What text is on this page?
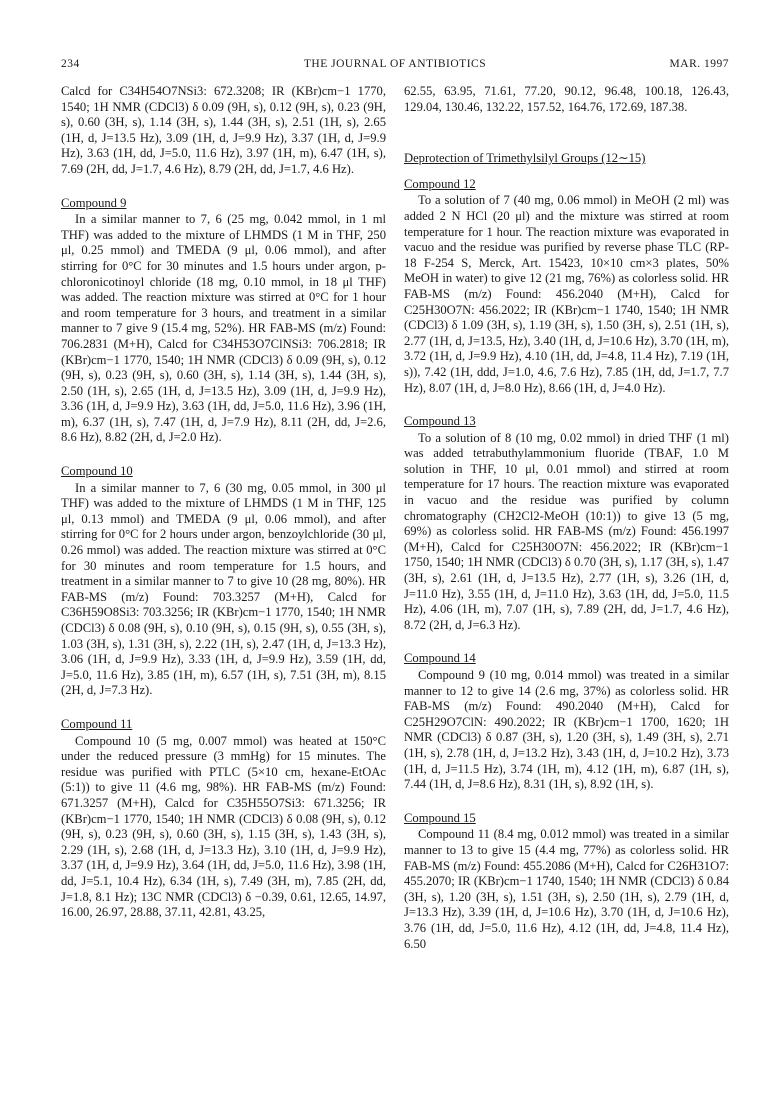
234	THE JOURNAL OF ANTIBIOTICS	MAR. 1997

Calcd for C34H54O7NSi3: 672.3208; IR (KBr)cm−1 1770, 1540; 1H NMR (CDCl3) δ 0.09 (9H, s), 0.12 (9H, s), 0.23 (9H, s), 0.60 (3H, s), 1.14 (3H, s), 1.44 (3H, s), 2.51 (1H, s), 2.65 (1H, d, J=13.5 Hz), 3.09 (1H, d, J=9.9 Hz), 3.37 (1H, d, J=9.9 Hz), 3.63 (1H, dd, J=5.0, 11.6 Hz), 3.97 (1H, m), 6.47 (1H, s), 7.69 (2H, dd, J=1.7, 4.6 Hz), 8.79 (2H, dd, J=1.7, 4.6 Hz).

Compound 9

In a similar manner to 7, 6 (25 mg, 0.042 mmol, in 1 ml THF) was added to the mixture of LHMDS (1 M in THF, 250 μl, 0.25 mmol) and TMEDA (9 μl, 0.06 mmol), and after stirring for 0°C for 30 minutes and 1.5 hours under argon, p-chloronicotinoyl chloride (18 mg, 0.10 mmol, in 18 μl THF) was added. The reaction mixture was stirred at 0°C for 1 hour and room temperature for 3 hours, and treatment in a similar manner to 7 give 9 (15.4 mg, 52%). HR FAB-MS (m/z) Found: 706.2831 (M+H), Calcd for C34H53O7ClNSi3: 706.2818; IR (KBr)cm−1 1770, 1540; 1H NMR (CDCl3) δ 0.09 (9H, s), 0.12 (9H, s), 0.23 (9H, s), 0.60 (3H, s), 1.14 (3H, s), 1.44 (3H, s), 2.50 (1H, s), 2.65 (1H, d, J=13.5 Hz), 3.09 (1H, d, J=9.9 Hz), 3.36 (1H, d, J=9.9 Hz), 3.63 (1H, dd, J=5.0, 11.6 Hz), 3.96 (1H, m), 6.37 (1H, s), 7.47 (1H, d, J=7.9 Hz), 8.11 (2H, dd, J=2.6, 8.6 Hz), 8.82 (2H, d, J=2.0 Hz).

Compound 10

In a similar manner to 7, 6 (30 mg, 0.05 mmol, in 300 μl THF) was added to the mixture of LHMDS (1 M in THF, 125 μl, 0.13 mmol) and TMEDA (9 μl, 0.06 mmol), and after stirring for 0°C for 2 hours under argon, benzoylchloride (30 μl, 0.26 mmol) was added. The reaction mixture was stirred at 0°C for 30 minutes and room temperature for 1.5 hours, and treatment in a similar manner to 7 to give 10 (28 mg, 80%). HR FAB-MS (m/z) Found: 703.3257 (M+H), Calcd for C36H59O8Si3: 703.3256; IR (KBr)cm−1 1770, 1540; 1H NMR (CDCl3) δ 0.08 (9H, s), 0.10 (9H, s), 0.15 (9H, s), 0.55 (3H, s), 1.03 (3H, s), 1.31 (3H, s), 2.22 (1H, s), 2.47 (1H, d, J=13.3 Hz), 3.06 (1H, d, J=9.9 Hz), 3.33 (1H, d, J=9.9 Hz), 3.59 (1H, dd, J=5.0, 11.6 Hz), 3.85 (1H, m), 6.57 (1H, s), 7.51 (3H, m), 8.15 (2H, d, J=7.3 Hz).

Compound 11

Compound 10 (5 mg, 0.007 mmol) was heated at 150°C under the reduced pressure (3 mmHg) for 15 minutes. The residue was purified with PTLC (5×10 cm, hexane-EtOAc (5:1)) to give 11 (4.6 mg, 98%). HR FAB-MS (m/z) Found: 671.3257 (M+H), Calcd for C35H55O7Si3: 671.3256; IR (KBr)cm−1 1770, 1540; 1H NMR (CDCl3) δ 0.08 (9H, s), 0.12 (9H, s), 0.23 (9H, s), 0.60 (3H, s), 1.15 (3H, s), 1.43 (3H, s), 2.29 (1H, s), 2.68 (1H, d, J=13.3 Hz), 3.10 (1H, d, J=9.9 Hz), 3.37 (1H, d, J=9.9 Hz), 3.64 (1H, dd, J=5.0, 11.6 Hz), 3.98 (1H, dd, J=5.1, 10.4 Hz), 6.34 (1H, s), 7.49 (3H, m), 7.85 (2H, dd, J=1.8, 8.1 Hz); 13C NMR (CDCl3) δ −0.39, 0.61, 12.65, 14.97, 16.00, 26.97, 28.88, 37.11, 42.81, 43.25,

62.55, 63.95, 71.61, 77.20, 90.12, 96.48, 100.18, 126.43, 129.04, 130.46, 132.22, 157.52, 164.76, 172.69, 187.38.

Deprotection of Trimethylsilyl Groups (12∼15)
Compound 12

To a solution of 7 (40 mg, 0.06 mmol) in MeOH (2 ml) was added 2 N HCl (20 μl) and the mixture was stirred at room temperature for 1 hour. The reaction mixture was evaporated in vacuo and the residue was purified by reverse phase TLC (RP-18 F-254 S, Merck, Art. 15423, 10×10 cm×3 plates, 50% MeOH in water) to give 12 (21 mg, 76%) as colorless solid. HR FAB-MS (m/z) Found: 456.2040 (M+H), Calcd for C25H30O7N: 456.2022; IR (KBr)cm−1 1740, 1540; 1H NMR (CDCl3) δ 1.09 (3H, s), 1.19 (3H, s), 1.50 (3H, s), 2.51 (1H, s), 2.77 (1H, d, J=13.5, Hz), 3.40 (1H, d, J=10.6 Hz), 3.70 (1H, m), 3.72 (1H, d, J=9.9 Hz), 4.10 (1H, dd, J=4.8, 11.4 Hz), 7.19 (1H, s)), 7.42 (1H, ddd, J=1.0, 4.6, 7.6 Hz), 7.85 (1H, dd, J=1.7, 7.7 Hz), 8.07 (1H, d, J=8.0 Hz), 8.66 (1H, d, J=4.0 Hz).

Compound 13

To a solution of 8 (10 mg, 0.02 mmol) in dried THF (1 ml) was added tetrabuthylammonium fluoride (TBAF, 1.0 M solution in THF, 10 μl, 0.01 mmol) and stirred at room temperature for 17 hours. The reaction mixture was evaporated in vacuo and the residue was purified by column chromatography (CH2Cl2-MeOH (10:1)) to give 13 (5 mg, 69%) as colorless solid. HR FAB-MS (m/z) Found: 456.1997 (M+H), Calcd for C25H30O7N: 456.2022; IR (KBr)cm−1 1750, 1540; 1H NMR (CDCl3) δ 0.70 (3H, s), 1.17 (3H, s), 1.47 (3H, s), 2.61 (1H, d, J=13.5 Hz), 2.77 (1H, s), 3.26 (1H, d, J=11.0 Hz), 3.55 (1H, d, J=11.0 Hz), 3.63 (1H, dd, J=5.0, 11.5 Hz), 4.06 (1H, m), 7.07 (1H, s), 7.89 (2H, dd, J=1.7, 4.6 Hz), 8.72 (2H, d, J=6.3 Hz).

Compound 14

Compound 9 (10 mg, 0.014 mmol) was treated in a similar manner to 12 to give 14 (2.6 mg, 37%) as colorless solid. HR FAB-MS (m/z) Found: 490.2040 (M+H), Calcd for C25H29O7ClN: 490.2022; IR (KBr)cm−1 1700, 1620; 1H NMR (CDCl3) δ 0.87 (3H, s), 1.20 (3H, s), 1.49 (3H, s), 2.71 (1H, s), 2.78 (1H, d, J=13.2 Hz), 3.43 (1H, d, J=10.2 Hz), 3.73 (1H, d, J=11.5 Hz), 3.74 (1H, m), 4.12 (1H, m), 6.87 (1H, s), 7.44 (1H, d, J=8.6 Hz), 8.31 (1H, s), 8.92 (1H, s).

Compound 15

Compound 11 (8.4 mg, 0.012 mmol) was treated in a similar manner to 13 to give 15 (4.4 mg, 77%) as colorless solid. HR FAB-MS (m/z) Found: 455.2086 (M+H), Calcd for C26H31O7: 455.2070; IR (KBr)cm−1 1740, 1540; 1H NMR (CDCl3) δ 0.84 (3H, s), 1.20 (3H, s), 1.51 (3H, s), 2.50 (1H, s), 2.79 (1H, d, J=13.3 Hz), 3.39 (1H, d, J=10.6 Hz), 3.70 (1H, d, J=10.6 Hz), 3.76 (1H, dd, J=5.0, 11.6 Hz), 4.12 (1H, dd, J=4.8, 11.4 Hz), 6.50
